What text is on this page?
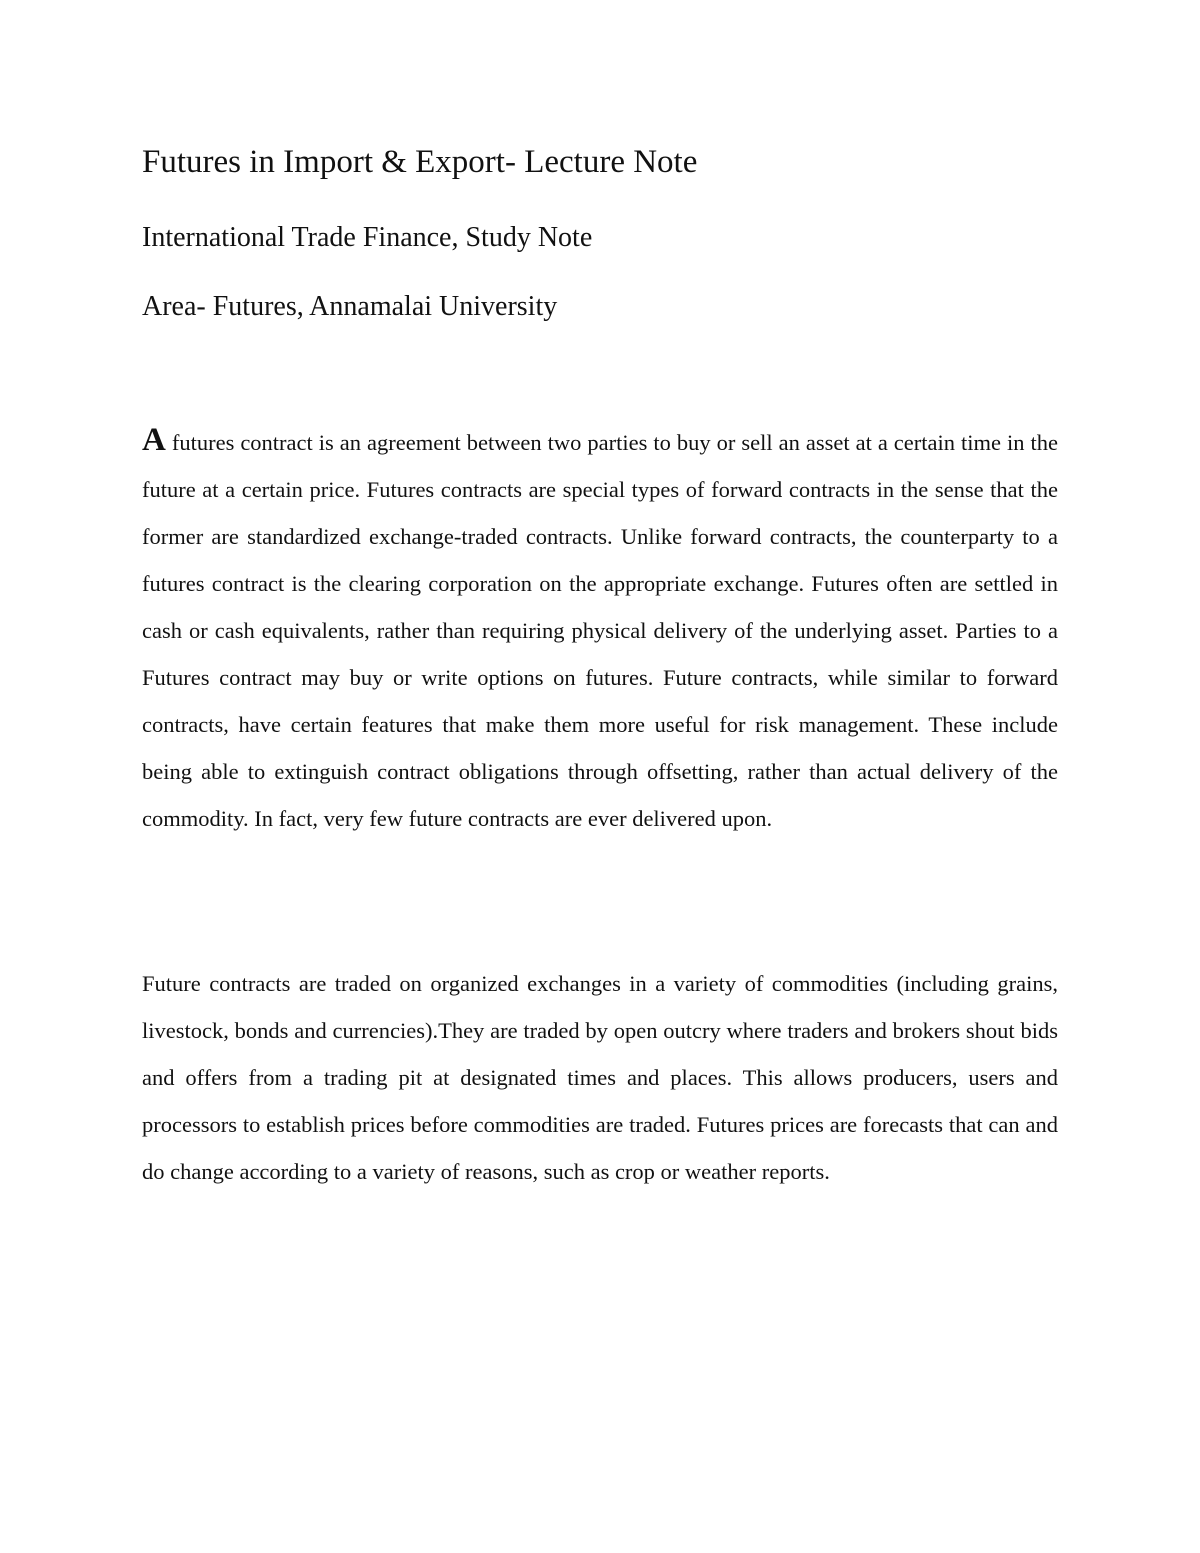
Futures in Import & Export- Lecture Note
International Trade Finance, Study Note
Area- Futures, Annamalai University

A futures contract is an agreement between two parties to buy or sell an asset at a certain time in the future at a certain price. Futures contracts are special types of forward contracts in the sense that the former are standardized exchange-traded contracts. Unlike forward contracts, the counterparty to a futures contract is the clearing corporation on the appropriate exchange. Futures often are settled in cash or cash equivalents, rather than requiring physical delivery of the underlying asset. Parties to a Futures contract may buy or write options on futures. Future contracts, while similar to forward contracts, have certain features that make them more useful for risk management. These include being able to extinguish contract obligations through offsetting, rather than actual delivery of the commodity. In fact, very few future contracts are ever delivered upon.

Future contracts are traded on organized exchanges in a variety of commodities (including grains, livestock, bonds and currencies).They are traded by open outcry where traders and brokers shout bids and offers from a trading pit at designated times and places. This allows producers, users and processors to establish prices before commodities are traded. Futures prices are forecasts that can and do change according to a variety of reasons, such as crop or weather reports.
